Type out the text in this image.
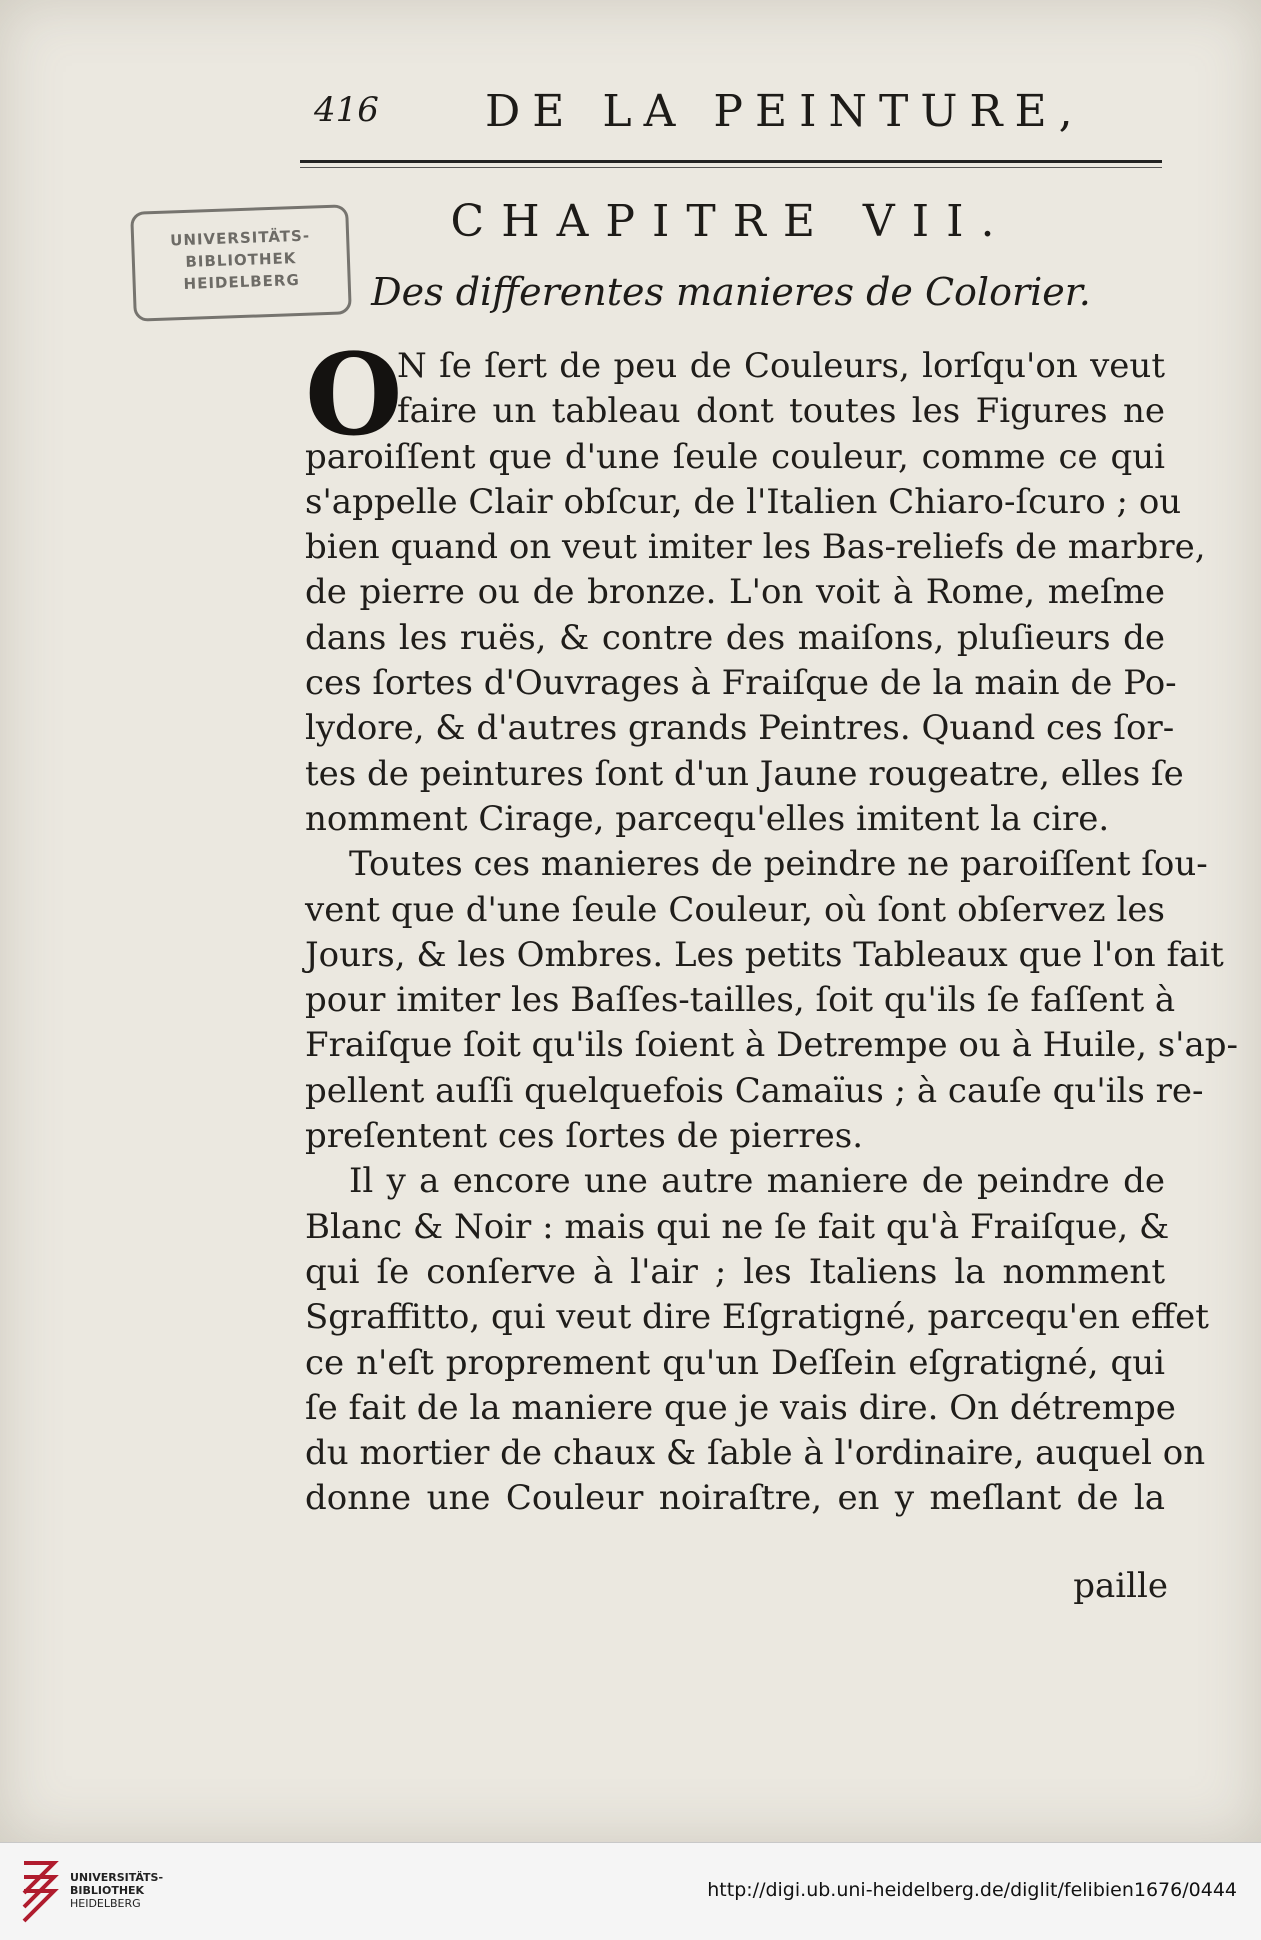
416 DE LA PEINTURE,
UNIVERSITÄTS-
BIBLIOTHEK
HEIDELBERG
CHAPITRE VII.
Des differentes manieres de Colorier.
O
N ſe ſert de peu de Couleurs, lorſqu'on veut
faire un tableau dont toutes les Figures ne
paroiſſent que d'une ſeule couleur, comme ce qui
s'appelle Clair obſcur, de l'Italien Chiaro-ſcuro ; ou
bien quand on veut imiter les Bas-reliefs de marbre,
de pierre ou de bronze. L'on voit à Rome, meſme
dans les ruës, & contre des maiſons, pluſieurs de
ces ſortes d'Ouvrages à Fraiſque de la main de Po-
lydore, & d'autres grands Peintres. Quand ces ſor-
tes de peintures ſont d'un Jaune rougeatre, elles ſe
nomment Cirage, parcequ'elles imitent la cire.
Toutes ces manieres de peindre ne paroiſſent ſou-
vent que d'une ſeule Couleur, où ſont obſervez les
Jours, & les Ombres. Les petits Tableaux que l'on fait
pour imiter les Baſſes-tailles, ſoit qu'ils ſe faſſent à
Fraiſque ſoit qu'ils ſoient à Detrempe ou à Huile, s'ap-
pellent auſſi quelquefois Camaïus ; à cauſe qu'ils re-
preſentent ces ſortes de pierres.
Il y a encore une autre maniere de peindre de
Blanc & Noir : mais qui ne ſe fait qu'à Fraiſque, &
qui ſe conſerve à l'air ; les Italiens la nomment
Sgraffitto, qui veut dire Eſgratigné, parcequ'en effet
ce n'eſt proprement qu'un Deſſein eſgratigné, qui
ſe fait de la maniere que je vais dire. On détrempe
du mortier de chaux & ſable à l'ordinaire, auquel on
donne une Couleur noiraſtre, en y meſlant de la
paille
UNIVERSITÄTS-
BIBLIOTHEK
HEIDELBERG
http://digi.ub.uni-heidelberg.de/diglit/felibien1676/0444
